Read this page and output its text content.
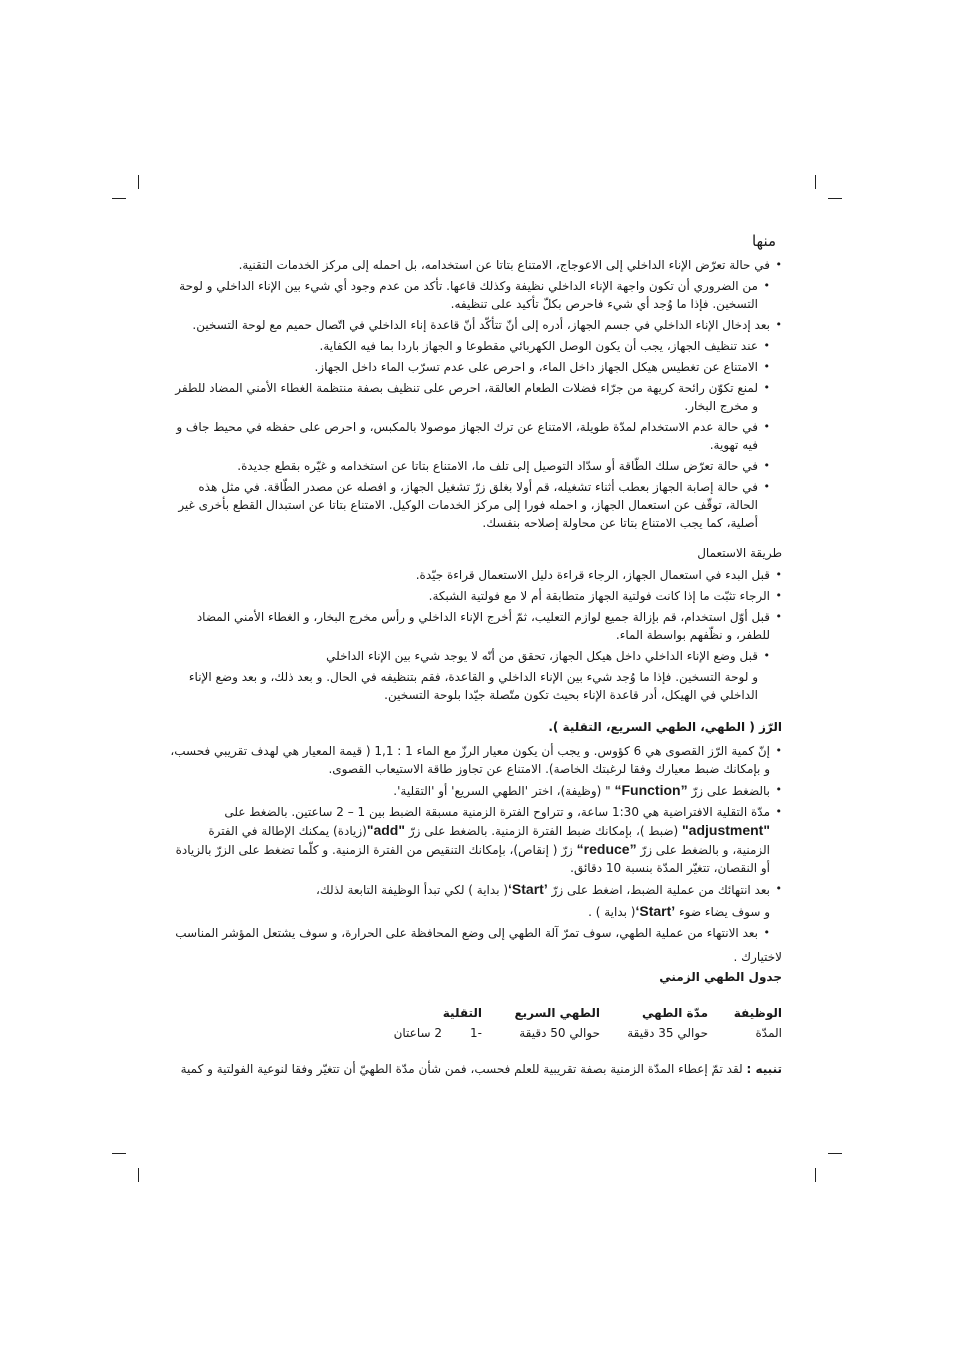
منها
• في حالة تعرّض الإناء الداخلي إلى الاعوجاج، الامتناع بتاتا عن استخدامه، بل احمله إلى مركز الخدمات التقنية.
• من الضروري أن تكون واجهة الإناء الداخلي نظيفة وكذلك قاعها. تأكد من عدم وجود أي شيء بين الإناء الداخلي و لوحة التسخين. فإذا ما وُجد أي شيء فاحرص بكلّ تأكيد على تنظيفه.
• بعد إدخال الإناء الداخلي في جسم الجهاز، أدره إلى أنّ تتأكّد أنّ قاعدة إناء الداخلي في اتّصال حميم مع لوحة التسخين.
• عند تنظيف الجهاز، يجب أن يكون الوصل الكهربائي مقطوعا و الجهاز باردا بما فيه الكفاية.
• الامتناع عن تغطيس هيكل الجهاز داخل الماء، و احرص على عدم تسرّب الماء داخل الجهاز.
• لمنع تكوّن رائحة كريهة من جرّاء فضلات الطعام العالقة، احرص على تنظيف بصفة منتظمة الغطاء الأمني المضاد للطفر و مخرج البخار.
• في حالة عدم الاستخدام لمدّة طويلة، الامتناع عن ترك الجهاز موصولا بالمكبس، و احرص على حفظه في محيط جاف و فيه تهوية.
• في حالة تعرّض سلك الطّاقة أو سدّاد التوصيل إلى تلف ما، الامتناع بتاتا عن استخدامه و غيّره بقطع جديدة.
• في حالة إصابة الجهاز بعطب أثناء تشغيله، قم أولا بغلق زرّ تشغيل الجهاز، و افصله عن مصدر الطّاقة. في مثل هذه الحالة، توقّف عن استعمال الجهاز، و احمله فورا إلى مركز الخدمات الوكيل. الامتناع بتاتا عن استبدال القطع بأخرى غير أصلية، كما يجب الامتناع بتاتا عن محاولة إصلاحه بنفسك.
طريقة الاستعمال
• قبل البدء في استعمال الجهاز، الرجاء قراءة دليل الاستعمال قراءة جيّدة.
• الرجاء تثبّت ما إذا كانت فولتية الجهاز متطابقة أم لا مع فولتية الشبكة.
• قبل أوّل استخدام، قم بإزالة جميع لوازم التعليب، ثمّ أخرج الإناء الداخلي و رأس مخرج البخار، و الغطاء الأمني المضاد للطفر، و نظّفهم بواسطة الماء.
• قبل وضع الإناء الداخلي داخل هيكل الجهاز، تحقق من أنّه لا يوجد شيء بين الإناء الداخلي
و لوحة التسخين. فإذا ما وُجد شيء بين الإناء الداخلي و القاعدة، فقم بتنظيفه في الحال. و بعد ذلك، و بعد وضع الإناء الداخلي في الهيكل، أدر قاعدة الإناء بحيث تكون متّصلة جيّدا بلوحة التسخين.
الرّز ( الطهي، الطهي السريع، التقلية ).
• إنّ كمية الرّز القصوى هي 6 كؤوس. و يجب أن يكون معيار الرزّ مع الماء 1 : 1,1 ( قيمة المعيار هي لهدف تقريبي فحسب، و بإمكانك ضبط معيارك وفقا لرغبتك الخاصة). الامتناع عن تجاوز طاقة الاستيعاب القصوى.
• بالضغط على زرّ ”Function“ " (وظيفة)، اختر 'الطهي السريع' أو 'التقلية'.
• مدّة التقلية الافتراضية هي 1:30 ساعة، و تتراوح الفترة الزمنية مسبقة الضبط بين 1 – 2 ساعتين. بالضغط على "adjustment" (ضبط )، بإمكانك ضبط الفترة الزمنية. بالضغط على زرّ "add"(زيادة) يمكنك الإطالة في الفترة الزمنية، و بالضغط على زرّ ”reduce“ زرّ ( إنقاص)، بإمكانك التنقيص من الفترة الزمنية. و كلّما تضغط على الزرّ بالزيادة أو النقصان، تتغيّر المدّة بنسبة 10 دقائق.
• بعد انتهائك من عملية الضبط، اضغط على زرّ ’Start‘( بداية ) لكي تبدأ الوظيفة التابعة لذلك،
و سوف يضاء ضوء ’Start‘( بداية ) .
• بعد الانتهاء من عملية الطهي، سوف تمرّ آلة الطهي إلى وضع المحافظة على الحرارة، و سوف يشتعل المؤشر المناسب

لاختيارك .

جدول الطهي الزمني
الوظيفة	مدّة الطهي	الطهي السريع	التقلية	
المدّة	حوالي 35 دقيقة	حوالي 50 دقيقة	-1	2 ساعتان
تنبيه : لقد تمّ إعطاء المدّة الزمنية بصفة تقريبية للعلم فحسب، فمن شأن مدّة الطهيّ أن تتغيّر وفقا لنوعية الفولتية و كمية
